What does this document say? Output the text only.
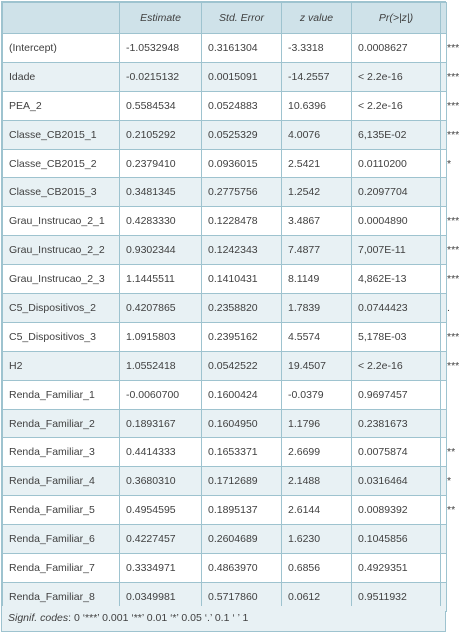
	Estimate	Std. Error	z value	Pr(>|z|)	
(Intercept)	-1.0532948	0.3161304	-3.3318	0.0008627	***
Idade	-0.0215132	0.0015091	-14.2557	< 2.2e-16	***
PEA_2	0.5584534	0.0524883	10.6396	< 2.2e-16	***
Classe_CB2015_1	0.2105292	0.0525329	4.0076	6,135E-02	***
Classe_CB2015_2	0.2379410	0.0936015	2.5421	0.0110200	*
Classe_CB2015_3	0.3481345	0.2775756	1.2542	0.2097704	
Grau_Instrucao_2_1	0.4283330	0.1228478	3.4867	0.0004890	***
Grau_Instrucao_2_2	0.9302344	0.1242343	7.4877	7,007E-11	***
Grau_Instrucao_2_3	1.1445511	0.1410431	8.1149	4,862E-13	***
C5_Dispositivos_2	0.4207865	0.2358820	1.7839	0.0744423	.
C5_Dispositivos_3	1.0915803	0.2395162	4.5574	5,178E-03	***
H2	1.0552418	0.0542522	19.4507	< 2.2e-16	***
Renda_Familiar_1	-0.0060700	0.1600424	-0.0379	0.9697457	
Renda_Familiar_2	0.1893167	0.1604950	1.1796	0.2381673	
Renda_Familiar_3	0.4414333	0.1653371	2.6699	0.0075874	**
Renda_Familiar_4	0.3680310	0.1712689	2.1488	0.0316464	*
Renda_Familiar_5	0.4954595	0.1895137	2.6144	0.0089392	**
Renda_Familiar_6	0.4227457	0.2604689	1.6230	0.1045856	
Renda_Familiar_7	0.3334971	0.4863970	0.6856	0.4929351	
Renda_Familiar_8	0.0349981	0.5717860	0.0612	0.9511932	
Signif. codes: 0 ‘***’ 0.001 ‘**’ 0.01 ‘*’ 0.05 ‘.’ 0.1 ‘ ’ 1
